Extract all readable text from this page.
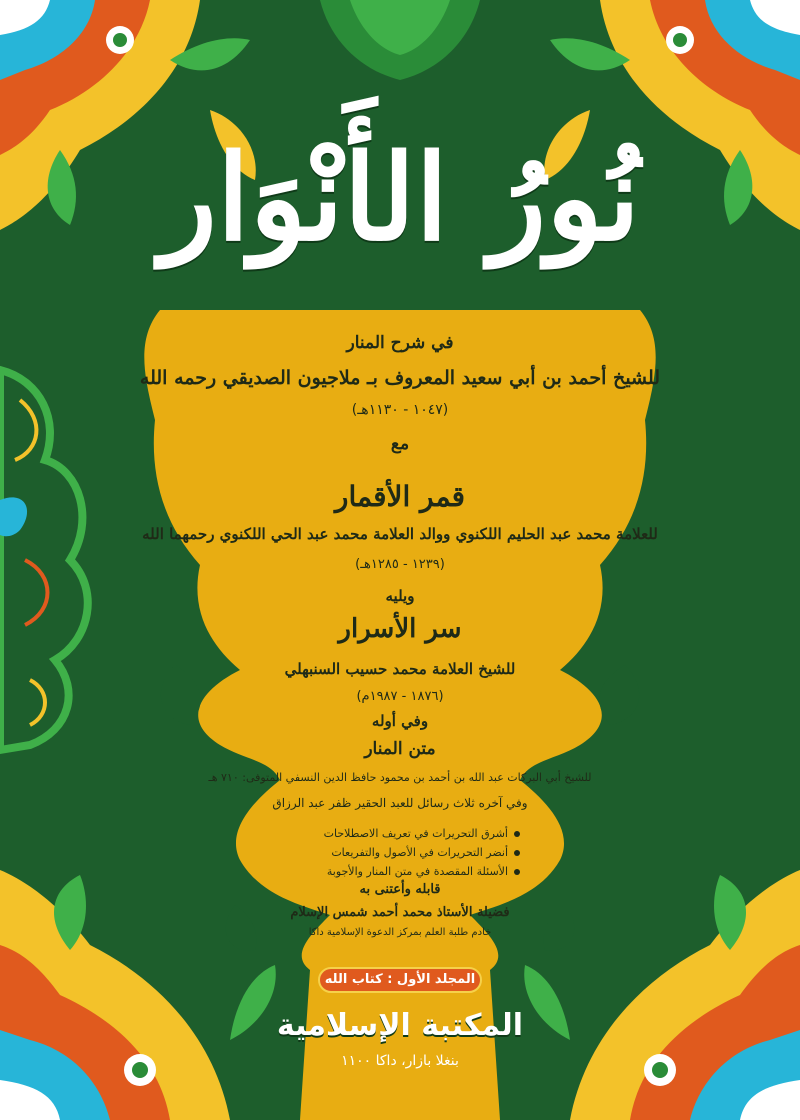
نُورُ الأَنْوَار
في شرح المنار
للشيخ أحمد بن أبي سعيد المعروف بـ ملاجيون الصديقي رحمه الله
(١٠٤٧ - ١١٣٠هـ)
مع
قمر الأقمار
للعلامة محمد عبد الحليم اللكنوي ووالد العلامة محمد عبد الحي اللكنوي رحمهما الله
(١٢٣٩ - ١٢٨٥هـ)
ويليه
سر الأسرار
للشيخ العلامة محمد حسيب السنبهلي
(١٨٧٦ - ١٩٨٧م)
وفي أوله
متن المنار
للشيخ أبي البركات عبد الله بن أحمد بن محمود حافظ الدين النسفي المتوفى: ٧١٠ هـ
وفي آخره ثلاث رسائل للعبد الحقير ظفر عبد الرزاق
أشرق التحريرات في تعريف الاصطلاحات
أنضر التحريرات في الأصول والتفريعات
الأسئلة المقصدة في متن المنار والأجوبة
قابله وأعتنى به
فضيلة الأستاذ محمد أحمد شمس الإسلام
خادم طلبة العلم بمركز الدعوة الإسلامية داكا
المجلد الأول : كتاب الله
المكتبة الإسلامية
بنغلا بازار، داكا ١١٠٠
